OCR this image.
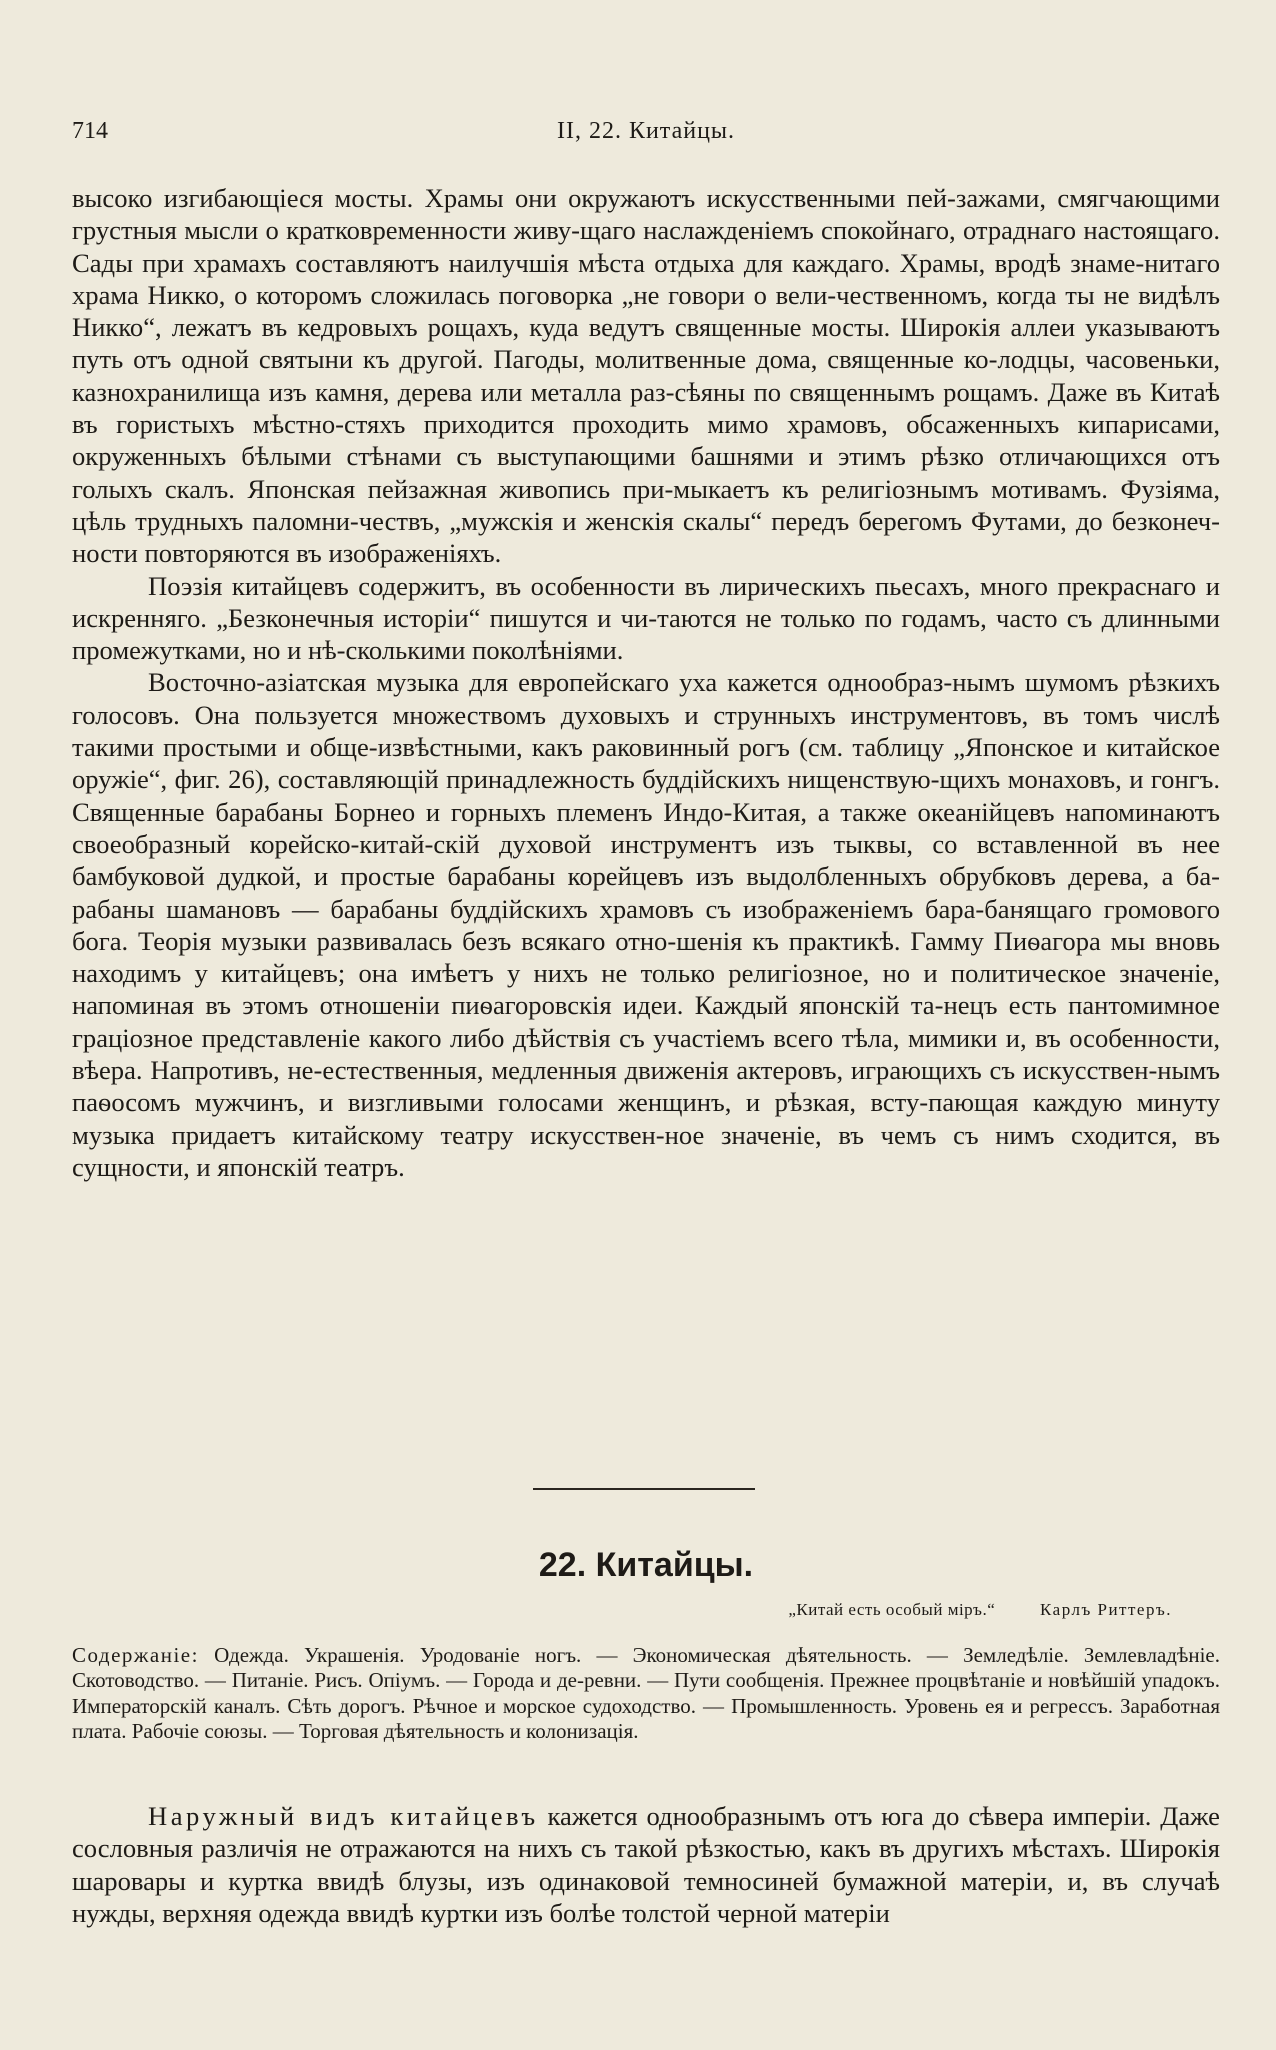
714	II, 22. Китайцы.

высоко изгибающіеся мосты. Храмы они окружаютъ искусственными пей-зажами, смягчающими грустныя мысли о кратковременности живу-щаго наслажденіемъ спокойнаго, отраднаго настоящаго. Сады при храмахъ составляютъ наилучшія мѣста отдыха для каждаго. Храмы, вродѣ знаме-нитаго храма Никко, о которомъ сложилась поговорка „не говори о вели-чественномъ, когда ты не видѣлъ Никко“, лежатъ въ кедровыхъ рощахъ, куда ведутъ священные мосты. Широкія аллеи указываютъ путь отъ одной святыни къ другой. Пагоды, молитвенные дома, священные ко-лодцы, часовеньки, казнохранилища изъ камня, дерева или металла раз-сѣяны по священнымъ рощамъ. Даже въ Китаѣ въ гористыхъ мѣстно-стяхъ приходится проходить мимо храмовъ, обсаженныхъ кипарисами, окруженныхъ бѣлыми стѣнами съ выступающими башнями и этимъ рѣзко отличающихся отъ голыхъ скалъ. Японская пейзажная живопись при-мыкаетъ къ религіознымъ мотивамъ. Фузіяма, цѣль трудныхъ паломни-чествъ, „мужскія и женскія скалы“ передъ берегомъ Футами, до безконеч-ности повторяются въ изображеніяхъ.

Поэзія китайцевъ содержитъ, въ особенности въ лирическихъ пьесахъ, много прекраснаго и искренняго. „Безконечныя исторіи“ пишутся и чи-таются не только по годамъ, часто съ длинными промежутками, но и нѣ-сколькими поколѣніями.

Восточно-азіатская музыка для европейскаго уха кажется однообраз-нымъ шумомъ рѣзкихъ голосовъ. Она пользуется множествомъ духовыхъ и струнныхъ инструментовъ, въ томъ числѣ такими простыми и обще-извѣстными, какъ раковинный рогъ (см. таблицу „Японское и китайское оружіе“, фиг. 26), составляющій принадлежность буддійскихъ нищенствую-щихъ монаховъ, и гонгъ. Священные барабаны Борнео и горныхъ племенъ Индо-Китая, а также океанійцевъ напоминаютъ своеобразный корейско-китай-скій духовой инструментъ изъ тыквы, со вставленной въ нее бамбуковой дудкой, и простые барабаны корейцевъ изъ выдолбленныхъ обрубковъ дерева, а ба-рабаны шамановъ — барабаны буддійскихъ храмовъ съ изображеніемъ бара-банящаго громового бога. Теорія музыки развивалась безъ всякаго отно-шенія къ практикѣ. Гамму Пиѳагора мы вновь находимъ у китайцевъ; она имѣетъ у нихъ не только религіозное, но и политическое значеніе, напоминая въ этомъ отношеніи пиѳагоровскія идеи. Каждый японскій та-нецъ есть пантомимное граціозное представленіе какого либо дѣйствія съ участіемъ всего тѣла, мимики и, въ особенности, вѣера. Напротивъ, не-естественныя, медленныя движенія актеровъ, играющихъ съ искусствен-нымъ паѳосомъ мужчинъ, и визгливыми голосами женщинъ, и рѣзкая, всту-пающая каждую минуту музыка придаетъ китайскому театру искусствен-ное значеніе, въ чемъ съ нимъ сходится, въ сущности, и японскій театръ.

22. Китайцы.
„Китай есть особый міръ.“	Карлъ Риттеръ.
Содержаніе: Одежда. Украшенія. Уродованіе ногъ. — Экономическая дѣятельность. — Земледѣліе. Землевладѣніе. Скотоводство. — Питаніе. Рисъ. Опіумъ. — Города и де-ревни. — Пути сообщенія. Прежнее процвѣтаніе и новѣйшій упадокъ. Императорскій каналъ. Сѣть дорогъ. Рѣчное и морское судоходство. — Промышленность. Уровень ея и регрессъ. Заработная плата. Рабочіе союзы. — Торговая дѣятельность и колонизація.
Наружный видъ китайцевъ кажется однообразнымъ отъ юга до сѣвера имперіи. Даже сословныя различія не отражаются на нихъ съ такой рѣзкостью, какъ въ другихъ мѣстахъ. Широкія шаровары и куртка ввидѣ блузы, изъ одинаковой темносиней бумажной матеріи, и, въ случаѣ нужды, верхняя одежда ввидѣ куртки изъ болѣе толстой черной матеріи
